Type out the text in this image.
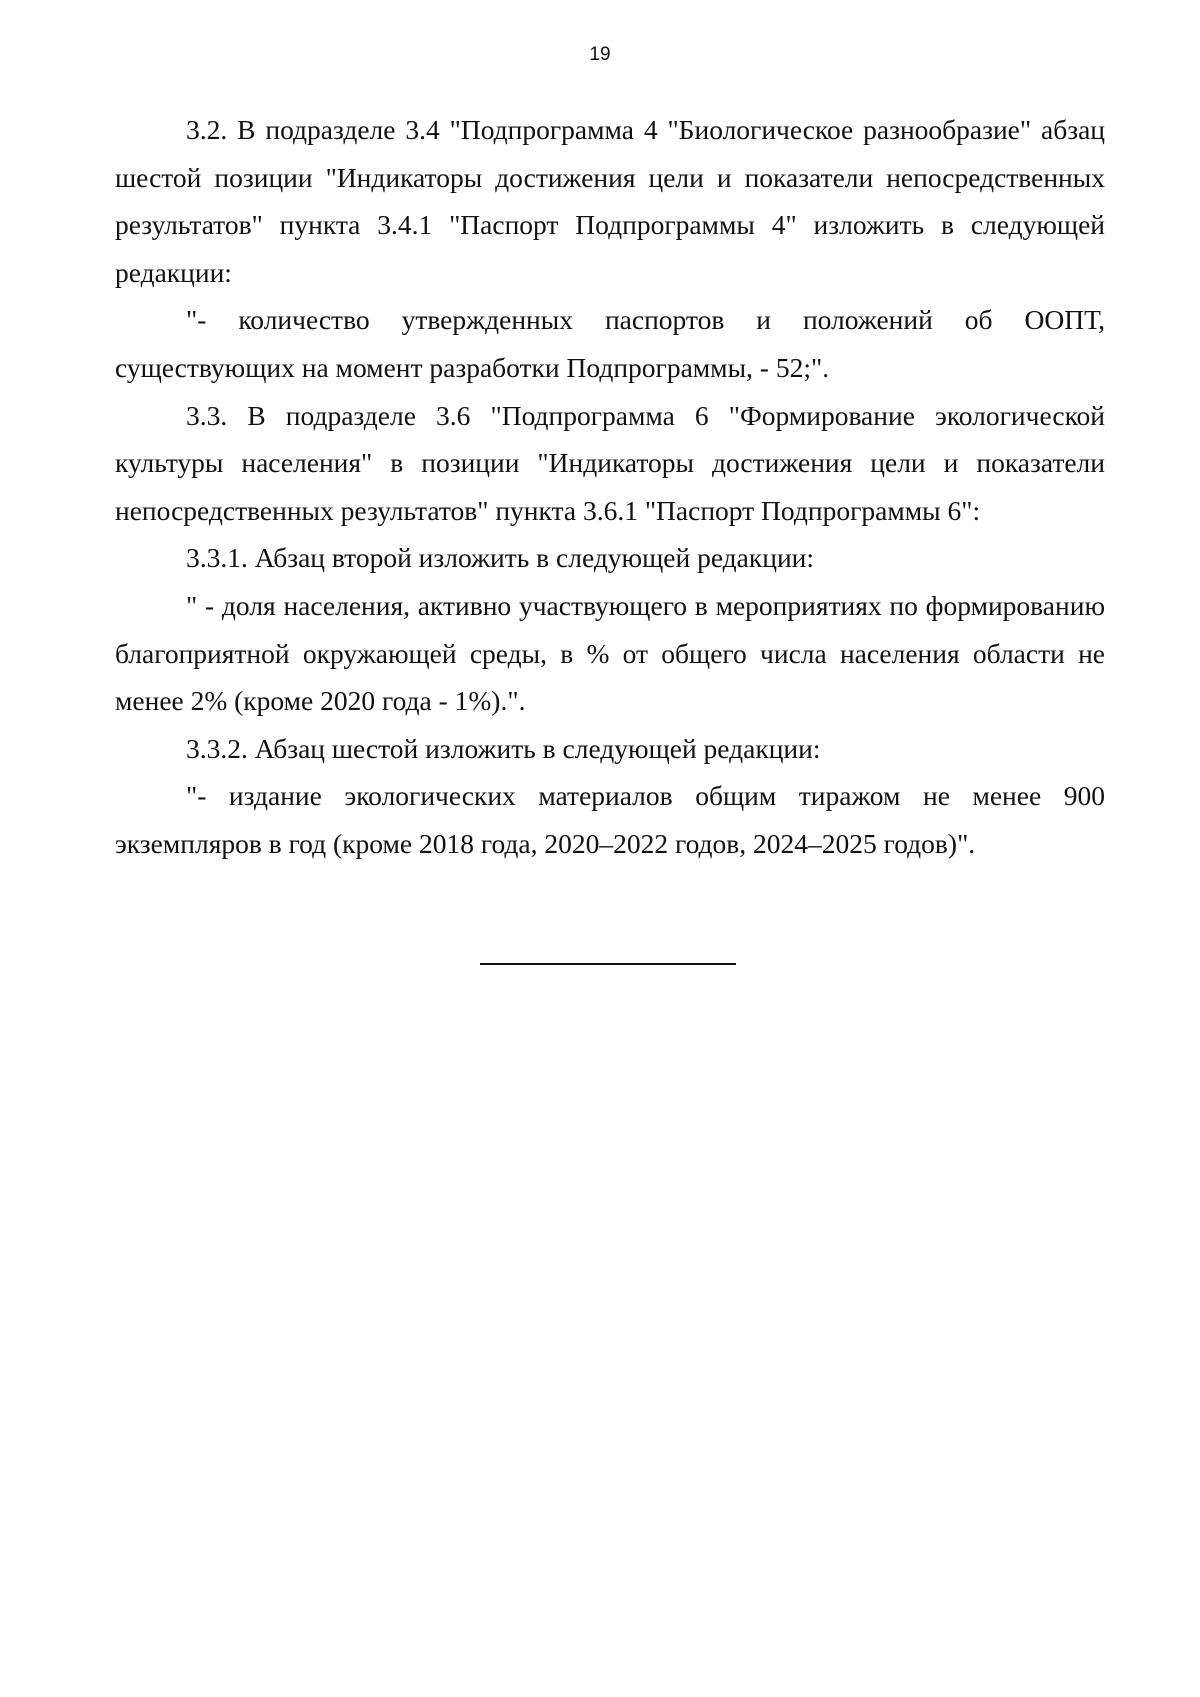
19

3.2. В подразделе 3.4 "Подпрограмма 4 "Биологическое разнообразие" абзац шестой позиции "Индикаторы достижения цели и показатели непосредственных результатов" пункта 3.4.1 "Паспорт Подпрограммы 4" изложить в следующей редакции:

"- количество утвержденных паспортов и положений об ООПТ, существующих на момент разработки Подпрограммы, - 52;".

3.3. В подразделе 3.6 "Подпрограмма 6 "Формирование экологической культуры населения" в позиции "Индикаторы достижения цели и показатели непосредственных результатов" пункта 3.6.1 "Паспорт Подпрограммы 6":

3.3.1. Абзац второй изложить в следующей редакции:

" - доля населения, активно участвующего в мероприятиях по формированию благоприятной окружающей среды, в % от общего числа населения области не менее 2% (кроме 2020 года - 1%).".

3.3.2. Абзац шестой изложить в следующей редакции:

"- издание экологических материалов общим тиражом не менее 900 экземпляров в год (кроме 2018 года, 2020–2022 годов, 2024–2025 годов)".
